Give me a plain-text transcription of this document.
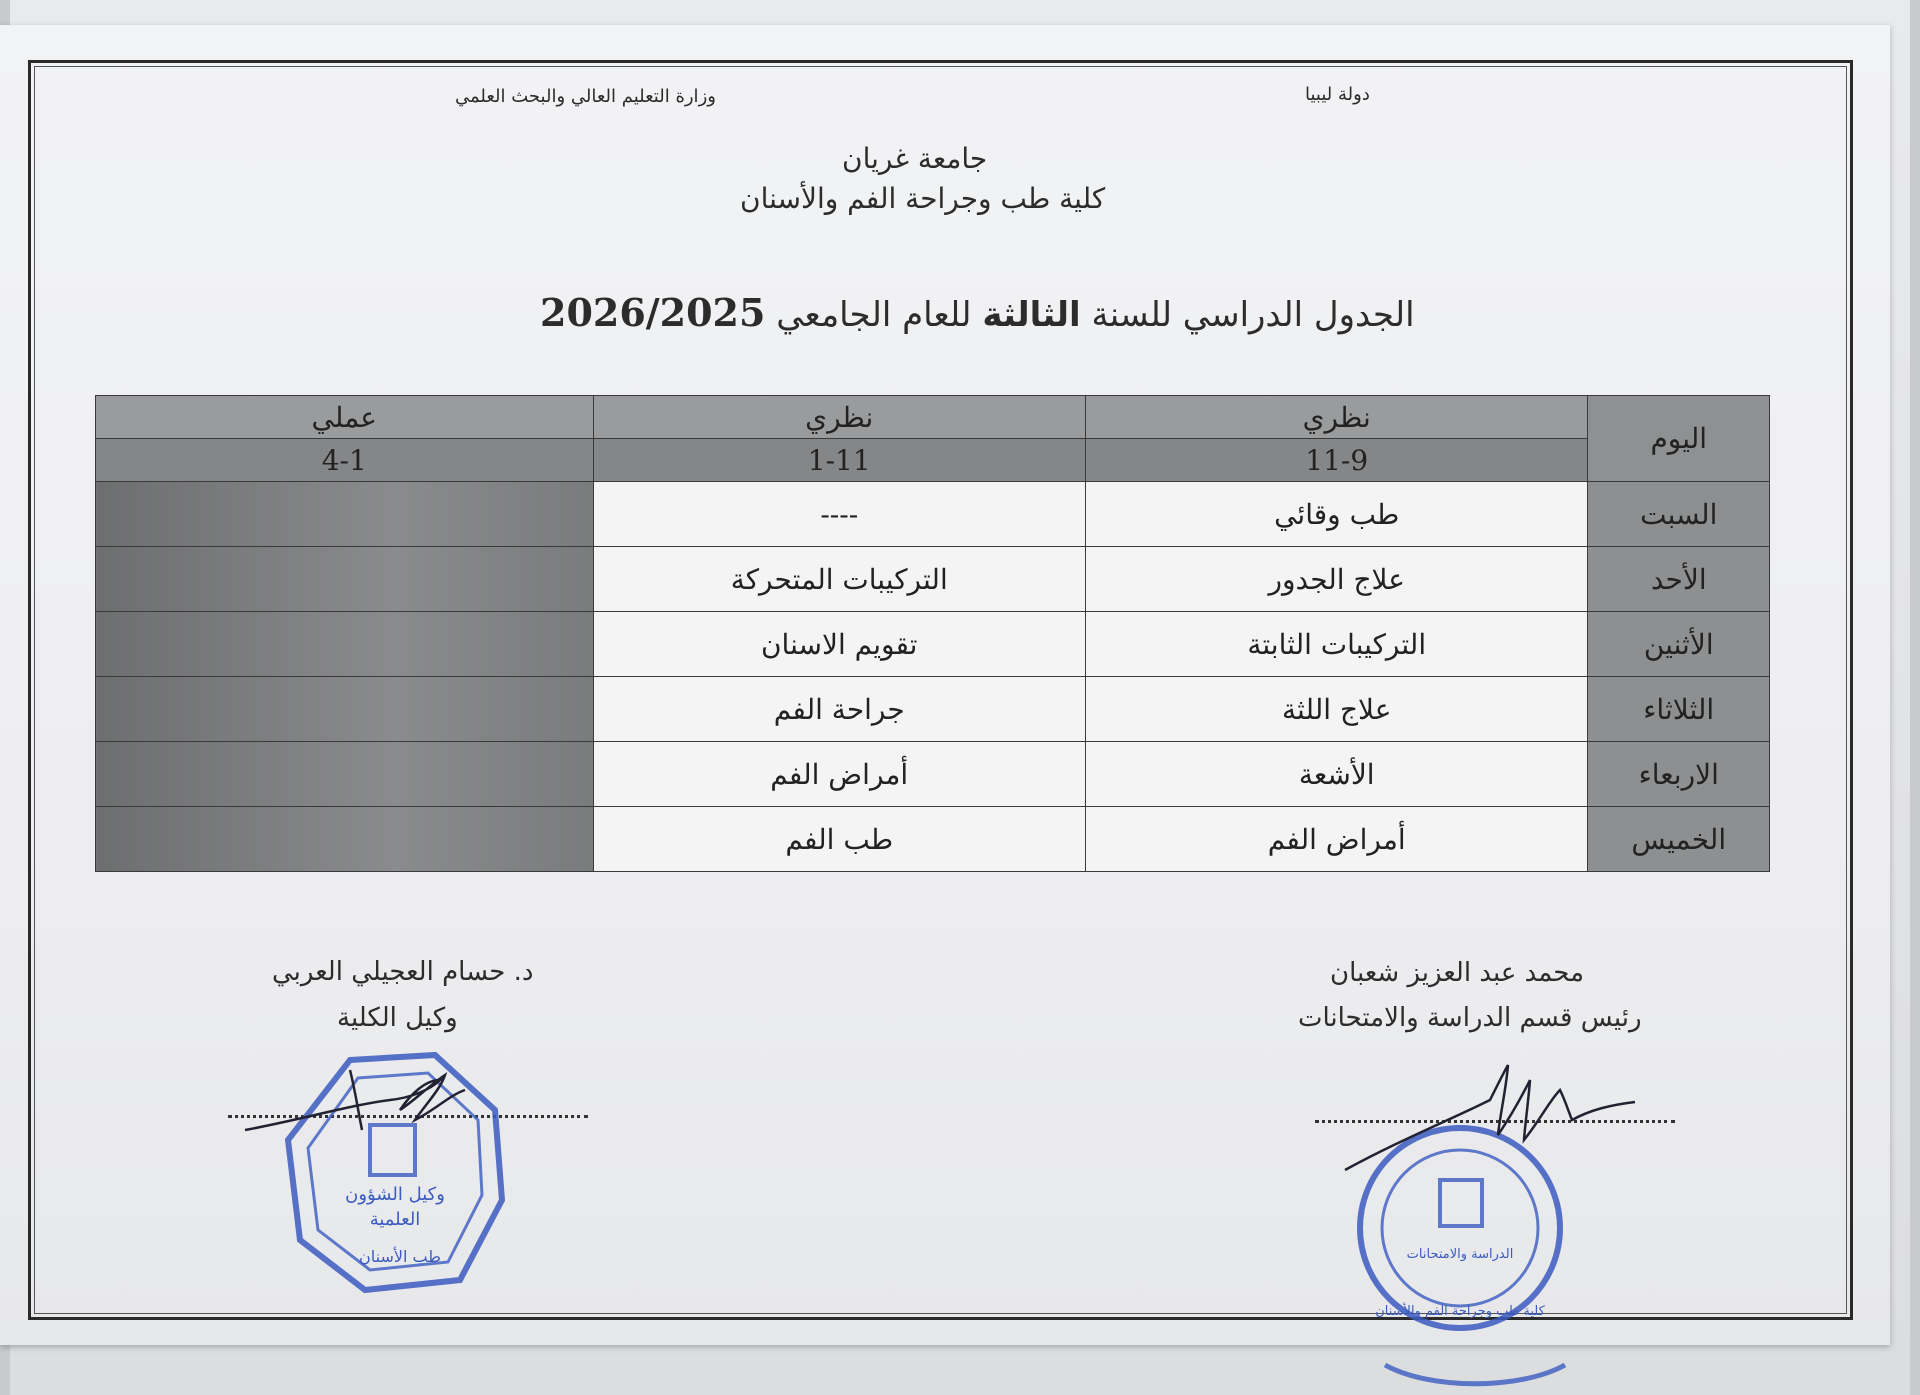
وزارة التعليم العالي والبحث العلمي	دولة ليبيا
جامعة غريان
كلية طب وجراحة الفم والأسنان
الجدول الدراسي للسنة الثالثة للعام الجامعي 2026/2025
اليوم	نظري	نظري	عملي
	11-9	1-11	4-1
السبت	طب وقائي	----	
الأحد	علاج الجدور	التركيبات المتحركة	
الأثنين	التركيبات الثابتة	تقويم الاسنان	
الثلاثاء	علاج اللثة	جراحة الفم	
الاربعاء	الأشعة	أمراض الفم	
الخميس	أمراض الفم	طب الفم	
محمد عبد العزيز شعبان
رئيس قسم الدراسة والامتحانات
د. حسام العجيلي العربي
وكيل الكلية
وكيل الشؤون
العلمية
طب الأسنان	الدراسة والامتحانات
كلية طب وجراحة الفم والأسنان
